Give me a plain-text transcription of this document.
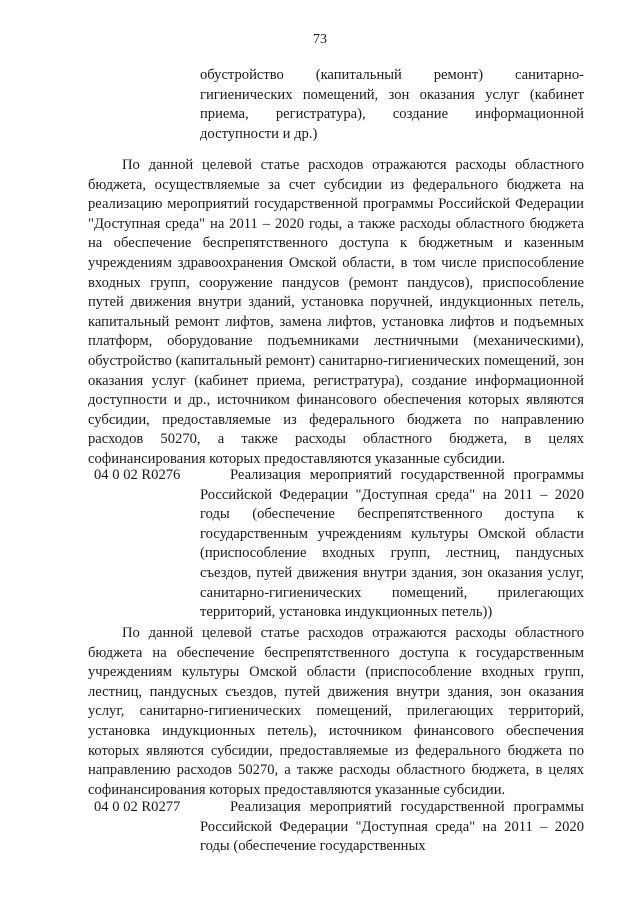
73
обустройство (капитальный ремонт) санитарно-гигиенических помещений, зон оказания услуг (кабинет приема, регистратура), создание информационной доступности и др.)
По данной целевой статье расходов отражаются расходы областного бюджета, осуществляемые за счет субсидии из федерального бюджета на реализацию мероприятий государственной программы Российской Федерации "Доступная среда" на 2011 – 2020 годы, а также расходы областного бюджета на обеспечение беспрепятственного доступа к бюджетным и казенным учреждениям здравоохранения Омской области, в том числе приспособление входных групп, сооружение пандусов (ремонт пандусов), приспособление путей движения внутри зданий, установка поручней, индукционных петель, капитальный ремонт лифтов, замена лифтов, установка лифтов и подъемных платформ, оборудование подъемниками лестничными (механическими), обустройство (капитальный ремонт) санитарно-гигиенических помещений, зон оказания услуг (кабинет приема, регистратура), создание информационной доступности и др., источником финансового обеспечения которых являются субсидии, предоставляемые из федерального бюджета по направлению расходов 50270, а также расходы областного бюджета, в целях софинансирования которых предоставляются указанные субсидии.
04 0 02 R0276	Реализация мероприятий государственной программы Российской Федерации "Доступная среда" на 2011 – 2020 годы (обеспечение беспрепятственного доступа к государственным учреждениям культуры Омской области (приспособление входных групп, лестниц, пандусных съездов, путей движения внутри здания, зон оказания услуг, санитарно-гигиенических помещений, прилегающих территорий, установка индукционных петель))
По данной целевой статье расходов отражаются расходы областного бюджета на обеспечение беспрепятственного доступа к государственным учреждениям культуры Омской области (приспособление входных групп, лестниц, пандусных съездов, путей движения внутри здания, зон оказания услуг, санитарно-гигиенических помещений, прилегающих территорий, установка индукционных петель), источником финансового обеспечения которых являются субсидии, предоставляемые из федерального бюджета по направлению расходов 50270, а также расходы областного бюджета, в целях софинансирования которых предоставляются указанные субсидии.
04 0 02 R0277	Реализация мероприятий государственной программы Российской Федерации "Доступная среда" на 2011 – 2020 годы (обеспечение государственных
